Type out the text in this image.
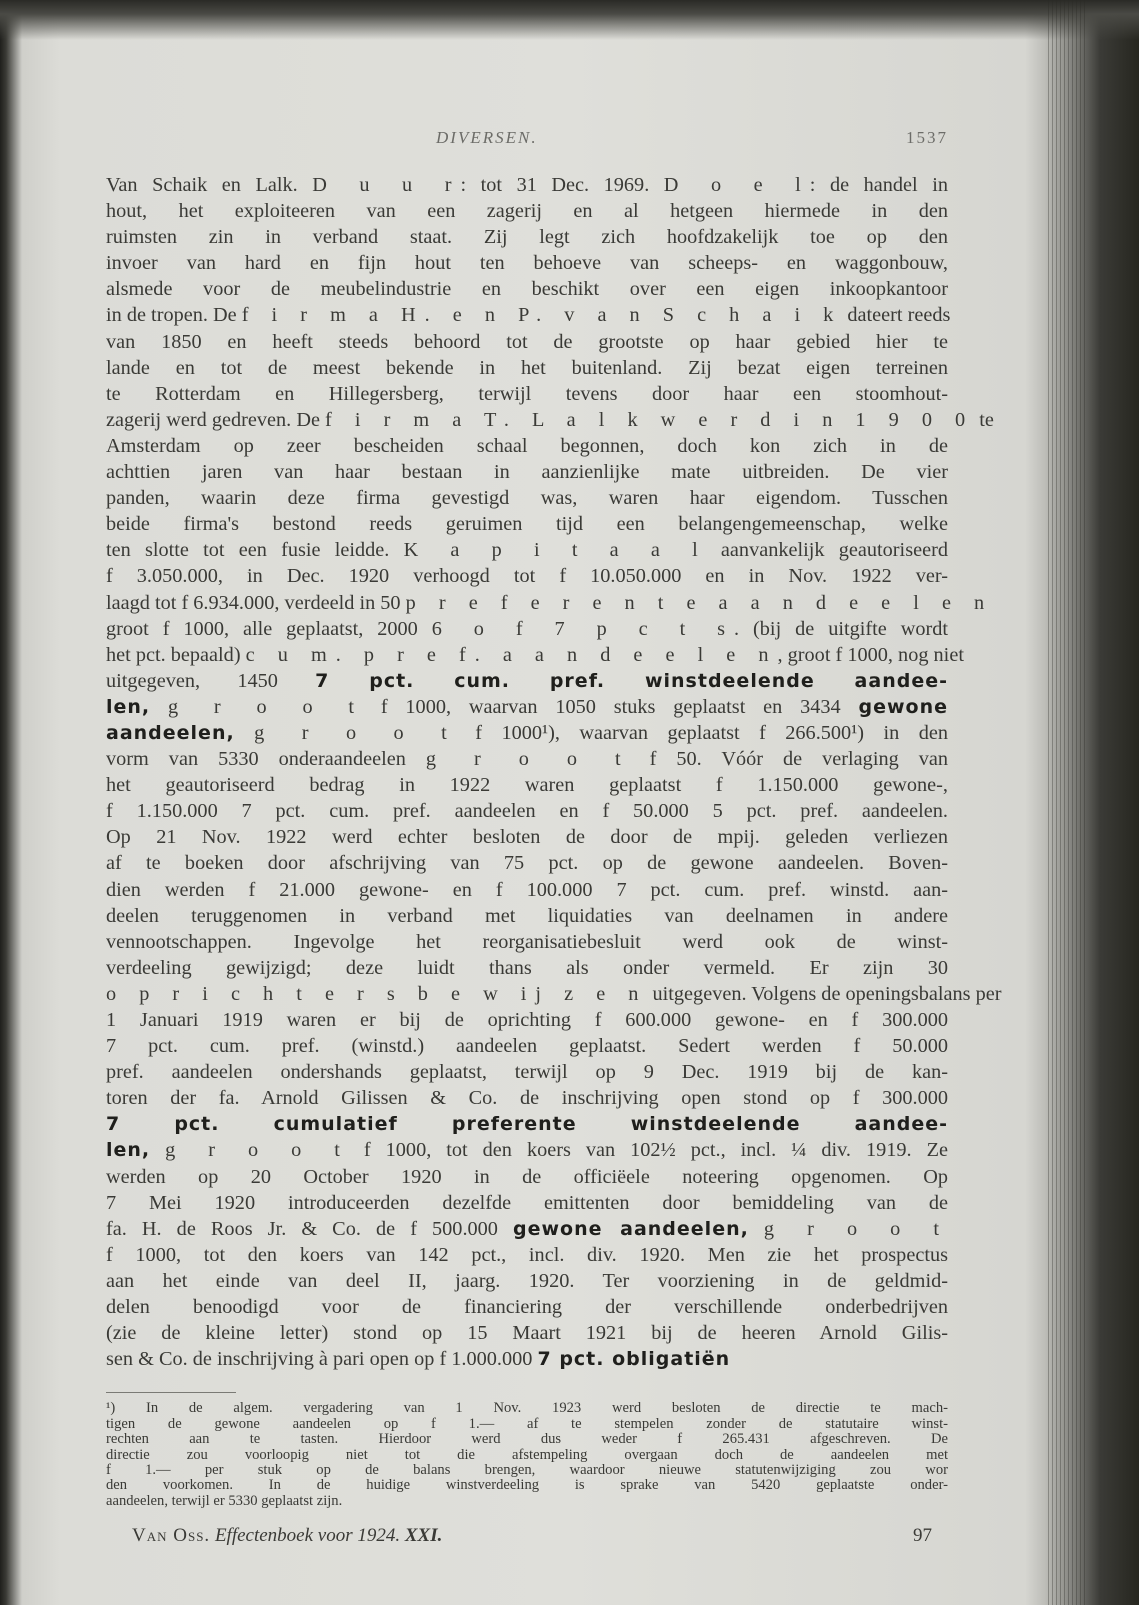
DIVERSEN.	1537
Van Schaik en Lalk. D u u r: tot 31 Dec. 1969. D o e l: de handel in
hout, het exploiteeren van een zagerij en al hetgeen hiermede in den
ruimsten zin in verband staat. Zij legt zich hoofdzakelijk toe op den
invoer van hard en fijn hout ten behoeve van scheeps- en waggonbouw,
alsmede voor de meubelindustrie en beschikt over een eigen inkoopkantoor
in de tropen. De f i r m a H. e n P. v a n S c h a i k dateert reeds
van 1850 en heeft steeds behoord tot de grootste op haar gebied hier te
lande en tot de meest bekende in het buitenland. Zij bezat eigen terreinen
te Rotterdam en Hillegersberg, terwijl tevens door haar een stoomhout-
zagerij werd gedreven. De f i r m a T. L a l k w e r d i n 1 9 0 0 te
Amsterdam op zeer bescheiden schaal begonnen, doch kon zich in de
achttien jaren van haar bestaan in aanzienlijke mate uitbreiden. De vier
panden, waarin deze firma gevestigd was, waren haar eigendom. Tusschen
beide firma's bestond reeds geruimen tijd een belangengemeenschap, welke
ten slotte tot een fusie leidde. K a p i t a a l aanvankelijk geautoriseerd
f 3.050.000, in Dec. 1920 verhoogd tot f 10.050.000 en in Nov. 1922 ver-
laagd tot f 6.934.000, verdeeld in 50 p r e f e r e n t e a a n d e e l e n
groot f 1000, alle geplaatst, 2000 6 o f 7 p c t s. (bij de uitgifte wordt
het pct. bepaald) c u m. p r e f. a a n d e e l e n, groot f 1000, nog niet
uitgegeven, 1450 7 pct. cum. pref. winstdeelende aandee-
len, g r o o t f 1000, waarvan 1050 stuks geplaatst en 3434 gewone
aandeelen, g r o o t f 1000¹), waarvan geplaatst f 266.500¹) in den
vorm van 5330 onderaandeelen g r o o t f 50. Vóór de verlaging van
het geautoriseerd bedrag in 1922 waren geplaatst f 1.150.000 gewone-,
f 1.150.000 7 pct. cum. pref. aandeelen en f 50.000 5 pct. pref. aandeelen.
Op 21 Nov. 1922 werd echter besloten de door de mpij. geleden verliezen
af te boeken door afschrijving van 75 pct. op de gewone aandeelen. Boven-
dien werden f 21.000 gewone- en f 100.000 7 pct. cum. pref. winstd. aan-
deelen teruggenomen in verband met liquidaties van deelnamen in andere
vennootschappen. Ingevolge het reorganisatiebesluit werd ook de winst-
verdeeling gewijzigd; deze luidt thans als onder vermeld. Er zijn 30
o p r i c h t e r s b e w ij z e n uitgegeven. Volgens de openingsbalans per
1 Januari 1919 waren er bij de oprichting f 600.000 gewone- en f 300.000
7 pct. cum. pref. (winstd.) aandeelen geplaatst. Sedert werden f 50.000
pref. aandeelen ondershands geplaatst, terwijl op 9 Dec. 1919 bij de kan-
toren der fa. Arnold Gilissen & Co. de inschrijving open stond op f 300.000
7 pct. cumulatief preferente winstdeelende aandee-
len, g r o o t f 1000, tot den koers van 102½ pct., incl. ¼ div. 1919. Ze
werden op 20 October 1920 in de officiëele noteering opgenomen. Op
7 Mei 1920 introduceerden dezelfde emittenten door bemiddeling van de
fa. H. de Roos Jr. & Co. de f 500.000 gewone aandeelen, g r o o t
f 1000, tot den koers van 142 pct., incl. div. 1920. Men zie het prospectus
aan het einde van deel II, jaarg. 1920. Ter voorziening in de geldmid-
delen benoodigd voor de financiering der verschillende onderbedrijven
(zie de kleine letter) stond op 15 Maart 1921 bij de heeren Arnold Gilis-
sen & Co. de inschrijving à pari open op f 1.000.000 7 pct. obligatiën
¹) In de algem. vergadering van 1 Nov. 1923 werd besloten de directie te mach-
tigen de gewone aandeelen op f 1.— af te stempelen zonder de statutaire winst-
rechten aan te tasten. Hierdoor werd dus weder f 265.431 afgeschreven. De
directie zou voorloopig niet tot die afstempeling overgaan doch de aandeelen met
f 1.— per stuk op de balans brengen, waardoor nieuwe statutenwijziging zou wor
den voorkomen. In de huidige winstverdeeling is sprake van 5420 geplaatste onder-
aandeelen, terwijl er 5330 geplaatst zijn.
Van Oss. Effectenboek voor 1924. XXI.	97
